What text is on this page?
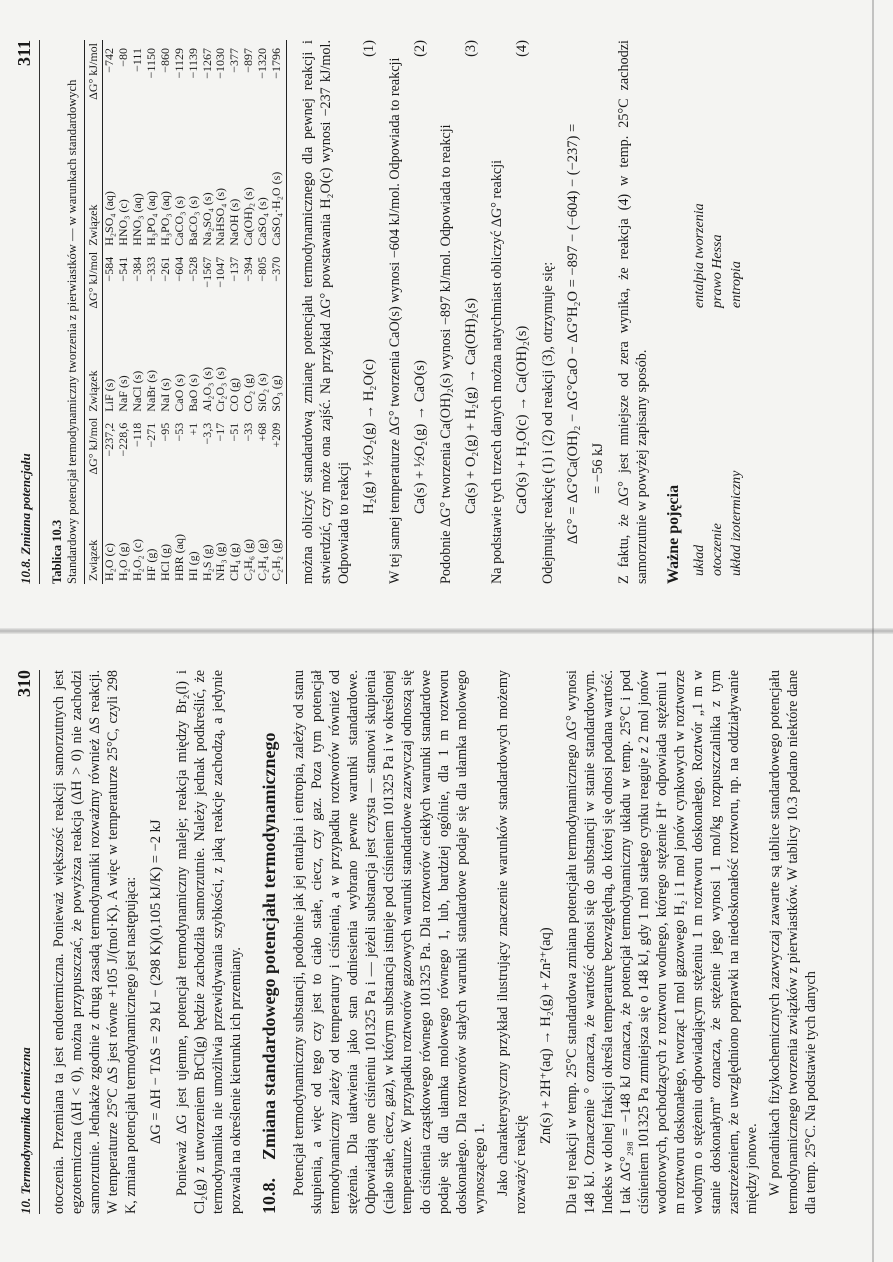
10. Termodynamika chemiczna
310 otoczenia. Przemiana ta jest endotermiczna. Ponieważ większość reakcji samorzutnych jest egzotermiczna (ΔH < 0), można przypuszczać, że powyższa reakcja (ΔH > 0) nie zachodzi samorzutnie. Jednakże zgodnie z drugą zasadą termodynamiki rozważmy również ΔS reakcji. W temperaturze 25°C ΔS jest równe +105 J/(mol·K). A więc w temperaturze 25°C, czyli 298 K, zmiana potencjału termodynamicznego jest następująca: ΔG = ΔH − TΔS = 29 kJ − (298 K)(0,105 kJ/K) = −2 kJ Ponieważ ΔG jest ujemne, potencjał termodynamiczny maleje; reakcja między Br₂(l) i Cl₂(g) z utworzeniem BrCl(g) będzie zachodziła samorzutnie. Należy jednak podkreślić, że termodynamika nie umożliwia przewidywania szybkości, z jaką reakcje zachodzą, a jedynie pozwala na określenie kierunku ich przemiany. 10.8.    Zmiana standardowego potencjału termodynamicznego Potencjał termodynamiczny substancji, podobnie jak jej entalpia i entropia, zależy od stanu skupienia, a więc od tego czy jest to ciało stałe, ciecz, czy gaz. Poza tym potencjał termodynamiczny zależy od temperatury i ciśnienia, a w przypadku roztworów również od stężenia. Dla ułatwienia jako stan odniesienia wybrano pewne warunki standardowe. Odpowiadają one ciśnieniu 101325 Pa i — jeżeli substancja jest czysta — stanowi skupienia (ciało stałe, ciecz, gaz), w którym substancja istnieje pod ciśnieniem 101325 Pa i w określonej temperaturze. W przypadku roztworów gazowych warunki standardowe zazwyczaj odnoszą się do ciśnienia cząstkowego równego 101325 Pa. Dla roztworów ciekłych warunki standardowe podaje się dla ułamka molowego równego 1, lub, bardziej ogólnie, dla 1 m roztworu doskonałego. Dla roztworów stałych warunki standardowe podaje się dla ułamka molowego wynoszącego 1. Jako charakterystyczny przykład ilustrujący znaczenie warunków standardowych możemy rozważyć reakcję

Zn(s) + 2H⁺(aq) → H₂(g) + Zn²⁺(aq) Dla tej reakcji w temp. 25°C standardowa zmiana potencjału termodynamicznego ΔG° wynosi 148 kJ. Oznaczenie ° oznacza, że wartość odnosi się do substancji w stanie standardowym. Indeks w dolnej frakcji określa temperaturę bezwzględną, do której się odnosi podana wartość. I tak ΔG°₂₉₈ = −148 kJ oznacza, że potencjał termodynamiczny układu w temp. 25°C i pod ciśnieniem 101325 Pa zmniejsza się o 148 kJ, gdy 1 mol stałego cynku reaguje z 2 mol jonów wodorowych, pochodzących z roztworu wodnego, którego stężenie H⁺ odpowiada stężeniu 1 m roztworu doskonałego, tworząc 1 mol gazowego H₂ i 1 mol jonów cynkowych w roztworze wodnym o stężeniu odpowiadającym stężeniu 1 m roztworu doskonałego. Roztwór „1 m w stanie doskonałym” oznacza, że stężenie jego wynosi 1 mol/kg rozpuszczalnika z tym zastrzeżeniem, że uwzględniono poprawki na niedoskonałość roztworu, np. na oddziaływanie między jonowe. W poradnikach fizykochemicznych zazwyczaj zawarte są tablice standardowego potencjału termodynamicznego tworzenia związków z pierwiastków. W tablicy 10.3 podano niektóre dane dla temp. 25°C. Na podstawie tych danych

10.8. Zmiana potencjału
311
Tablica 10.3
Standardowy potencjał termodynamiczny tworzenia z pierwiastków — w warunkach standardowych Związek	ΔG° kJ/mol	Związek	ΔG° kJ/mol	Związek	ΔG° kJ/mol
H₂O (c)	−237,2	LiF (s)	−584	H₂SO₄ (aq)	−742
H₂O (g)	−228,6	NaF (s)	−541	HNO₃ (c)	−80
H₂O₂ (c)	−118	NaCl (s)	−384	HNO₃ (aq)	−111
HF (g)	−271	NaBr (s)	−333	H₃PO₄ (aq)	−1150
HCl (g)	−95	NaI (s)	−261	H₃PO₃ (aq)	−860
HBR (aq)	−53	CaO (s)	−604	CaCO₃ (s)	−1129
HI (g)	+1	BaO (s)	−528	BaCO₃ (s)	−1139
H₂S (g)	−3,3	Al₂O₃ (s)	−1567	Na₂SO₄ (s)	−1267
NH₃ (g)	−17	Cr₂O₃ (s)	−1047	NaHSO₄ (s)	−1030
CH₄ (g)	−51	CO (g)	−137	NaOH (s)	−377
C₂H₆ (g)	−33	CO₂ (g)	−394	Ca(OH)₂ (s)	−897
C₂H₄ (g)	+68	SiO₂ (s)	−805	CaSO₄ (s)	−1320
C₂H₂ (g)	+209	SO₃ (g)	−370	CaSO₄·H₂O (s)	−1796 można obliczyć standardową zmianę potencjału termodynamicznego dla pewnej reakcji i stwierdzić, czy może ona zajść. Na przykład ΔG° powstawania H₂O(c) wynosi −237 kJ/mol. Odpowiada to reakcji

H₂(g) + ½O₂(g) → H₂O(c)
(1)

W tej samej temperaturze ΔG° tworzenia CaO(s) wynosi −604 kJ/mol. Odpowiada to reakcji Ca(s) + ½O₂(g) → CaO(s)
(2)

Podobnie ΔG° tworzenia Ca(OH)₂(s) wynosi −897 kJ/mol. Odpowiada to reakcji Ca(s) + O₂(g) + H₂(g) → Ca(OH)₂(s)
(3)

Na podstawie tych trzech danych można natychmiast obliczyć ΔG° reakcji CaO(s) + H₂O(c) → Ca(OH)₂(s)
(4)

Odejmując reakcję (1) i (2) od reakcji (3), otrzymuje się: ΔG° = ΔG°Ca(OH)₂ − ΔG°CaO − ΔG°H₂O = −897 − (−604) − (−237) = = −56 kJ Z faktu, że ΔG° jest mniejsze od zera wynika, że reakcja (4) w temp. 25°C zachodzi samorzutnie w powyżej zapisany sposób. Ważne pojęcia układ
entalpia tworzenia
otoczenie
prawo Hessa
układ izotermiczny
entropia
